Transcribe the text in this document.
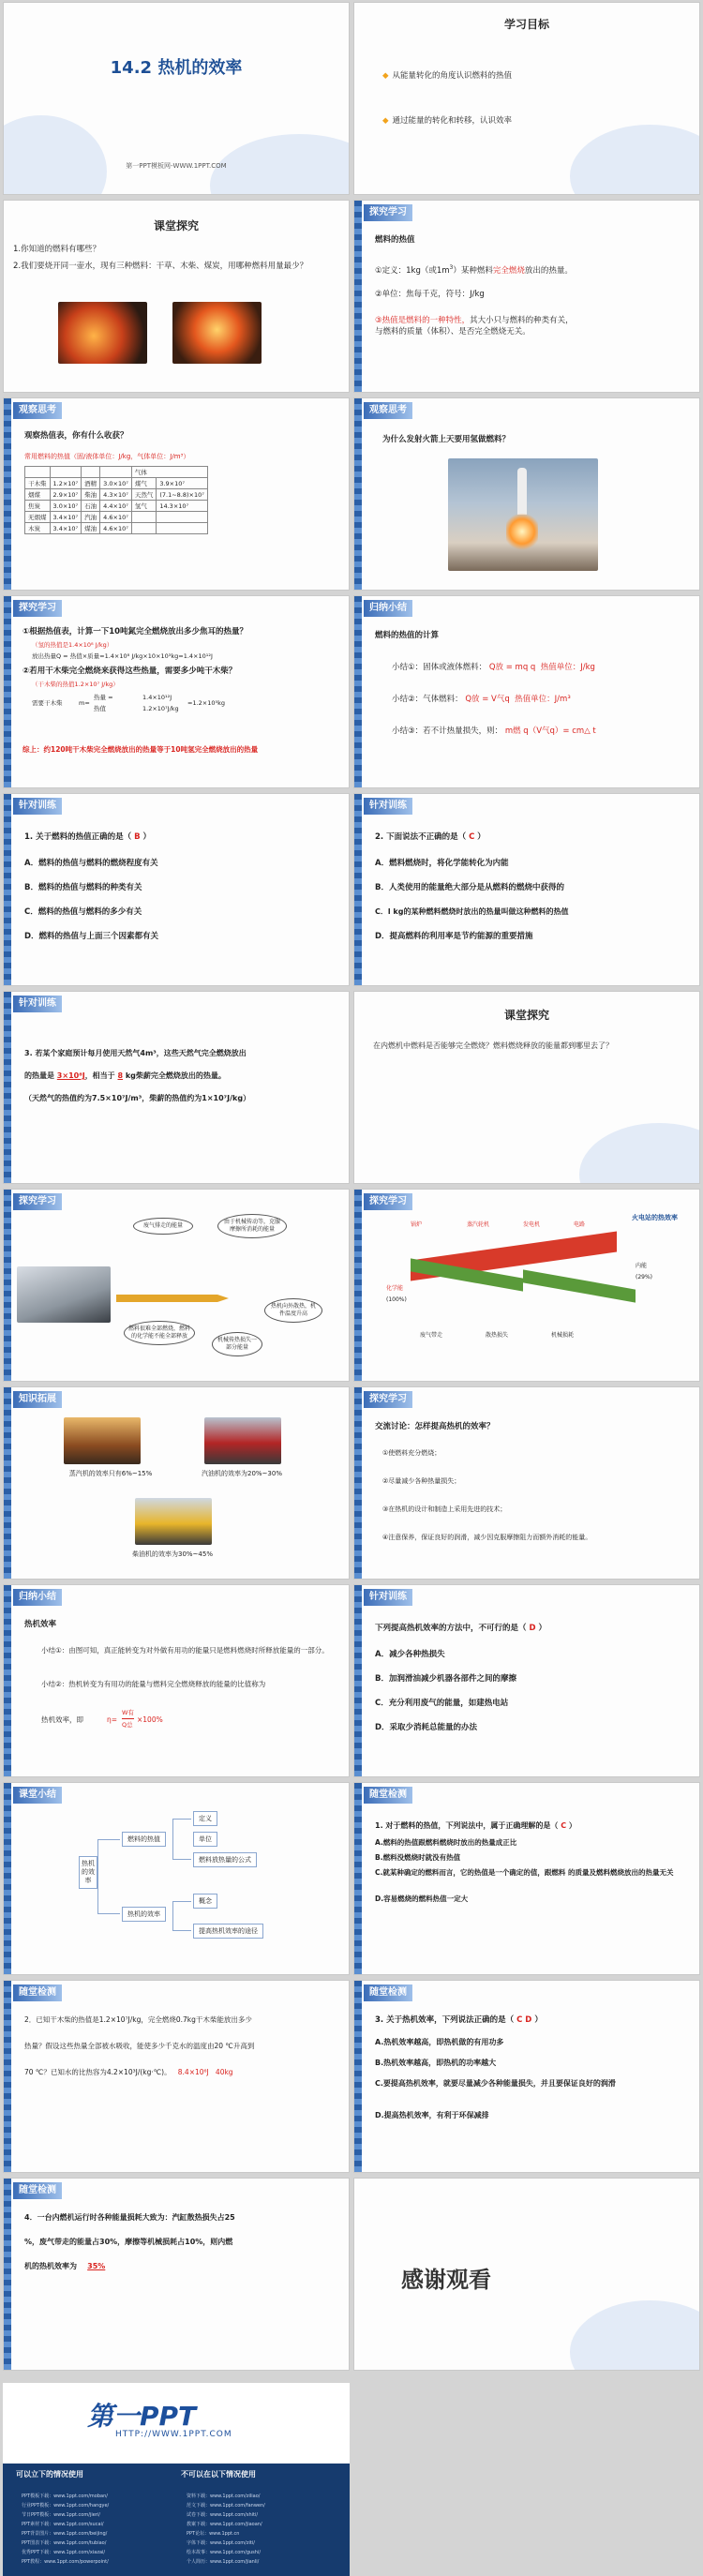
14.2 热机的效率
第一PPT模板网-WWW.1PPT.COM
学习目标
◆ 从能量转化的角度认识燃料的热值
◆ 通过能量的转化和转移，认识效率
课堂探究
1.你知道的燃料有哪些？
2.我们要烧开同一壶水，现有三种燃料：干草、木柴、煤炭，用哪种燃料用量最少？
探究学习
燃料的热值
①定义：1kg（或$1m^3$）某种燃料完全燃烧放出的热量。
②单位：焦每千克，符号：J/kg
③热值是燃料的一种特性，其大小只与燃料的种类有关，
与燃料的质量（体积）、是否完全燃烧无关。
观察思考
观察热值表，你有什么收获？
常用燃料的热值（固/液体单位：J/kg，气体单位：J/m³）
				气体	
干木柴	1.2×10⁷	酒精	3.0×10⁷	煤气	3.9×10⁷
烟煤	2.9×10⁷	柴油	4.3×10⁷	天然气	(7.1~8.8)×10⁷
焦炭	3.0×10⁷	石油	4.4×10⁷	氢气	14.3×10⁷
无烟煤	3.4×10⁷	汽油	4.6×10⁷		
木炭	3.4×10⁷	煤油	4.6×10⁷		
观察思考
为什么发射火箭上天要用氢做燃料？
探究学习
①根据热值表，计算一下10吨氮完全燃烧放出多少焦耳的热量？
（氢的热值是1.4×10⁸ J/kg）
放出热量Q = 热值×质量=1.4×10⁸ J/kg×10×10³kg=1.4×10¹²J
②若用干木柴完全燃烧来获得这些热量，需要多少吨干木柴？
（干木柴的热值1.2×10⁷ J/kg）
需要干木柴	m=
热量 =
热值
1.4×10¹²J
1.2×10⁷J/kg
=1.2×10⁵kg
综上：约120吨干木柴完全燃烧放出的热量等于10吨氢完全燃烧放出的热量
归纳小结
燃料的热值的计算
小结①：固体或液体燃料： Q放 = mq q 热值单位：J/kg
小结②：气体燃料： Q放 = V气q 热值单位：J/m³
小结③：若不计热量损失，则： m燃 q（V气q）= cm△ t
针对训练
1. 关于燃料的热值正确的是（ B ）
A．燃料的热值与燃料的燃烧程度有关
B．燃料的热值与燃料的种类有关
C．燃料的热值与燃料的多少有关
D．燃料的热值与上面三个因素都有关
针对训练
2. 下面说法不正确的是（ C ）
A．燃料燃烧时，将化学能转化为内能
B．人类使用的能量绝大部分是从燃料的燃烧中获得的
C．l kg的某种燃料燃烧时放出的热量叫做这种燃料的热值
D．提高燃料的利用率是节约能源的重要措施
针对训练
3. 若某个家庭预计每月使用天然气4m³，这些天然气完全燃烧放出
的热量是 3×10⁸J，相当于 8 kg柴薪完全燃烧放出的热量。
（天然气的热值约为7.5×10⁷J/m³，柴薪的热值约为1×10⁷J/kg）
课堂探究
在内燃机中燃料是否能够完全燃烧？燃料燃烧释放的能量都到哪里去了？
探究学习
废气排走的能量
由于机械传动等，克服摩擦所消耗的能量
燃料很难全部燃烧，燃料的化学能不能全部释放
热机向外散热，机件温度升高
机械传热损失一部分能量
探究学习
锅炉	蒸汽轮机	发电机	电路
火电站的热效率
化学能
(100%)
内能
(29%)
废气带走	散热损失	机械损耗
知识拓展
蒸汽机的效率只有6%~15%	汽油机的效率为20%~30%
柴油机的效率为30%~45%
探究学习
交流讨论：怎样提高热机的效率？
①使燃料充分燃烧；
②尽量减少各种热量损失；
③在热机的设计和制造上采用先进的技术；
④注意保养，保证良好的润滑，减少因克服摩擦阻力而额外消耗的能量。
归纳小结
热机效率
小结①：由图可知，真正能转变为对外做有用功的能量只是燃料燃烧时所释放能量的一部分。
小结②：热机转变为有用功的能量与燃料完全燃烧释放的能量的比值称为
热机效率，即	η=
W有
Q总
×100%
针对训练
下列提高热机效率的方法中，不可行的是（ D ）
A．减少各种热损失
B．加润滑油减少机器各部件之间的摩擦
C．充分利用废气的能量，如建热电站
D．采取少消耗总能量的办法
课堂小结
热机的效率
燃料的热值
热机的效率
定义
单位
燃料放热量的公式
概念
提高热机效率的途径
随堂检测
1. 对于燃料的热值，下列说法中，属于正确理解的是（ C ）
A.燃料的热值跟燃料燃烧时放出的热量成正比
B.燃料没燃烧时就没有热值
C.就某种确定的燃料而言，它的热值是一个确定的值，跟燃料 的质量及燃料燃烧放出的热量无关
D.容易燃烧的燃料热值一定大
随堂检测
2．已知干木柴的热值是1.2×10⁷J/kg，完全燃烧0.7kg干木柴能放出多少
热量？假设这些热量全部被水吸收，能使多少千克水的温度由20 ℃升高到
70 ℃？已知水的比热容为4.2×10³J/(kg·℃)。 8.4×10⁶J 40kg
随堂检测
3. 关于热机效率，下列说法正确的是（ C D ）
A.热机效率越高，即热机做的有用功多
B.热机效率越高，即热机的功率越大
C.要提高热机效率，就要尽量减少各种能量损失，并且要保证良好的润滑
D.提高热机效率，有利于环保减排
随堂检测
4．一台内燃机运行时各种能量损耗大致为：汽缸散热损失占25
%，废气带走的能量占30%，摩擦等机械损耗占10%，则内燃
机的热机效率为 35%
感谢观看
第一PPT
HTTP://WWW.1PPT.COM
可以立下的情况使用	不可以在以下情况使用
PPT模板下载：www.1ppt.com/moban/
行业PPT模板：www.1ppt.com/hangye/
节日PPT模板：www.1ppt.com/jieri/
PPT素材下载：www.1ppt.com/sucai/
PPT背景图片：www.1ppt.com/beijing/
PPT图表下载：www.1ppt.com/tubiao/
优秀PPT下载：www.1ppt.com/xiazai/
PPT教程：www.1ppt.com/powerpoint/
资料下载：www.1ppt.com/ziliao/
范文下载：www.1ppt.com/fanwen/
试卷下载：www.1ppt.com/shiti/
教案下载：www.1ppt.com/jiaoan/
PPT论坛：www.1ppt.cn
字体下载：www.1ppt.com/ziti/
绘本故事：www.1ppt.com/gushi/
个人简历：www.1ppt.com/jianli/
